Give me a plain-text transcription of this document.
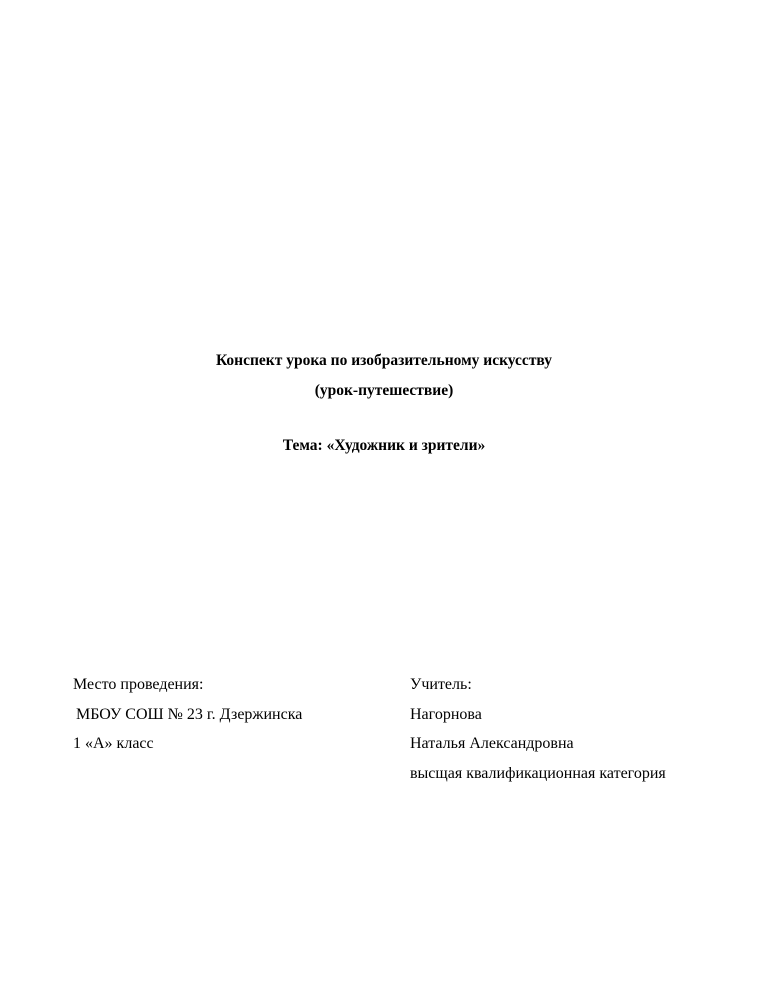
Конспект урока по изобразительному искусству
(урок-путешествие)
Тема: «Художник и зрители»
Место проведения:
МБОУ СОШ № 23 г. Дзержинска
1 «А» класс
Учитель:
Нагорнова
Наталья Александровна
высщая квалификационная категория
